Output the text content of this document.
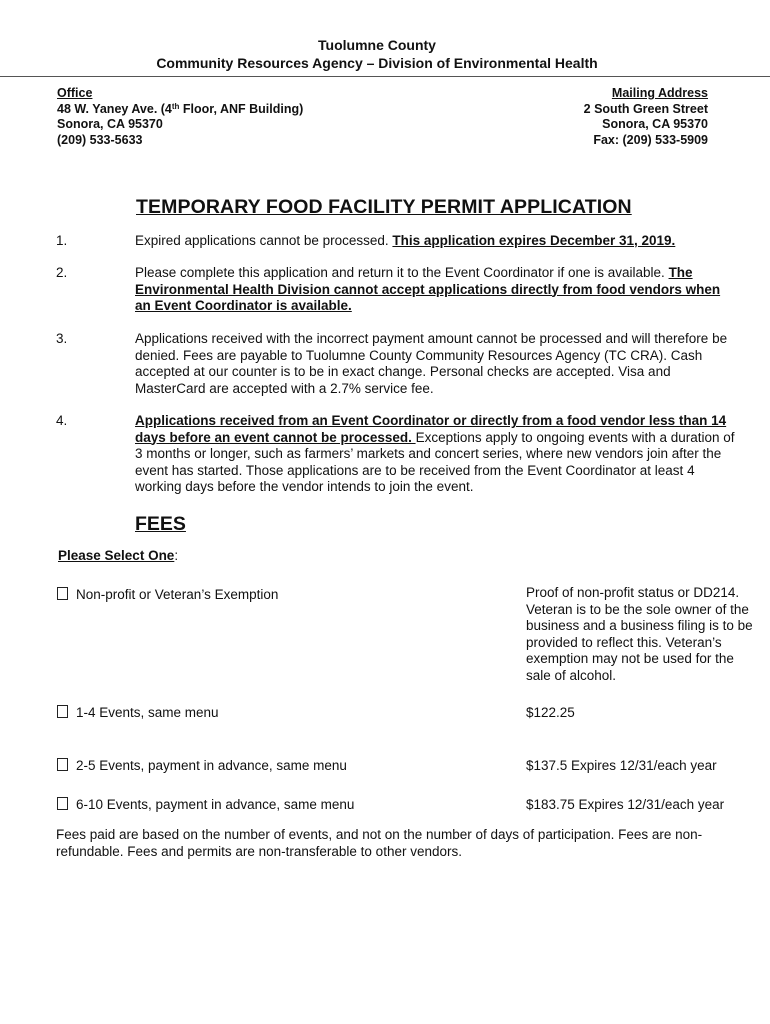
Tuolumne County
Community Resources Agency – Division of Environmental Health
Office
48 W. Yaney Ave. (4th Floor, ANF Building)
Sonora, CA 95370
(209) 533-5633
Mailing Address
2 South Green Street
Sonora, CA 95370
Fax: (209) 533-5909
TEMPORARY FOOD FACILITY PERMIT APPLICATION
1.	Expired applications cannot be processed. This application expires December 31, 2019.
2.	Please complete this application and return it to the Event Coordinator if one is available. The Environmental Health Division cannot accept applications directly from food vendors when an Event Coordinator is available.
3.	Applications received with the incorrect payment amount cannot be processed and will therefore be denied. Fees are payable to Tuolumne County Community Resources Agency (TC CRA). Cash accepted at our counter is to be in exact change. Personal checks are accepted. Visa and MasterCard are accepted with a 2.7% service fee.
4.	Applications received from an Event Coordinator or directly from a food vendor less than 14 days before an event cannot be processed. Exceptions apply to ongoing events with a duration of 3 months or longer, such as farmers’ markets and concert series, where new vendors join after the event has started. Those applications are to be received from the Event Coordinator at least 4 working days before the vendor intends to join the event.
FEES
Please Select One:
Non-profit or Veteran’s Exemption	Proof of non-profit status or DD214. Veteran is to be the sole owner of the business and a business filing is to be provided to reflect this. Veteran’s exemption may not be used for the sale of alcohol.
1-4 Events, same menu	$122.25
2-5 Events, payment in advance, same menu	$137.5 Expires 12/31/each year
6-10 Events, payment in advance, same menu	$183.75 Expires 12/31/each year
Fees paid are based on the number of events, and not on the number of days of participation. Fees are non-refundable. Fees and permits are non-transferable to other vendors.
